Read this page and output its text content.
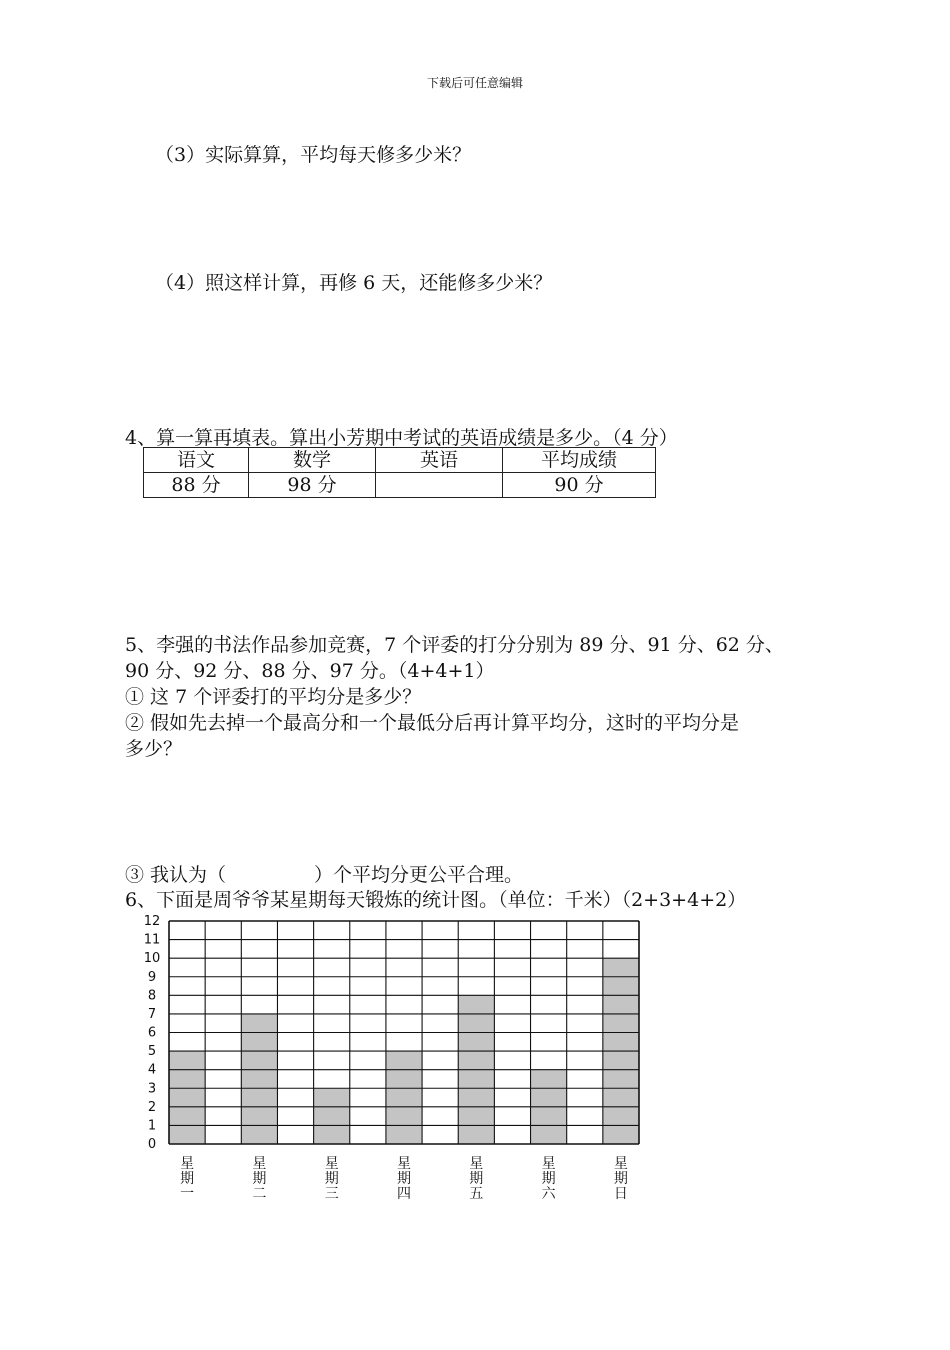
下载后可任意编辑
（3）实际算算，平均每天修多少米？
（4）照这样计算，再修 6 天，还能修多少米？
4、算一算再填表。算出小芳期中考试的英语成绩是多少。（4 分）
语文	数学	英语	平均成绩
88 分	98 分		90 分
5、李强的书法作品参加竞赛，7 个评委的打分分别为 89 分、91 分、62 分、
90 分、92 分、88 分、97 分。（4+4+1）
① 这 7 个评委打的平均分是多少？
② 假如先去掉一个最高分和一个最低分后再计算平均分，这时的平均分是
多少？
③ 我认为（	）个平均分更公平合理。
6、下面是周爷爷某星期每天锻炼的统计图。（单位：千米）（2+3+4+2）
0
1
2
3
4
5
6
7
8
9
10
11
12
星期一
星期二
星期三
星期四
星期五
星期六
星期日
